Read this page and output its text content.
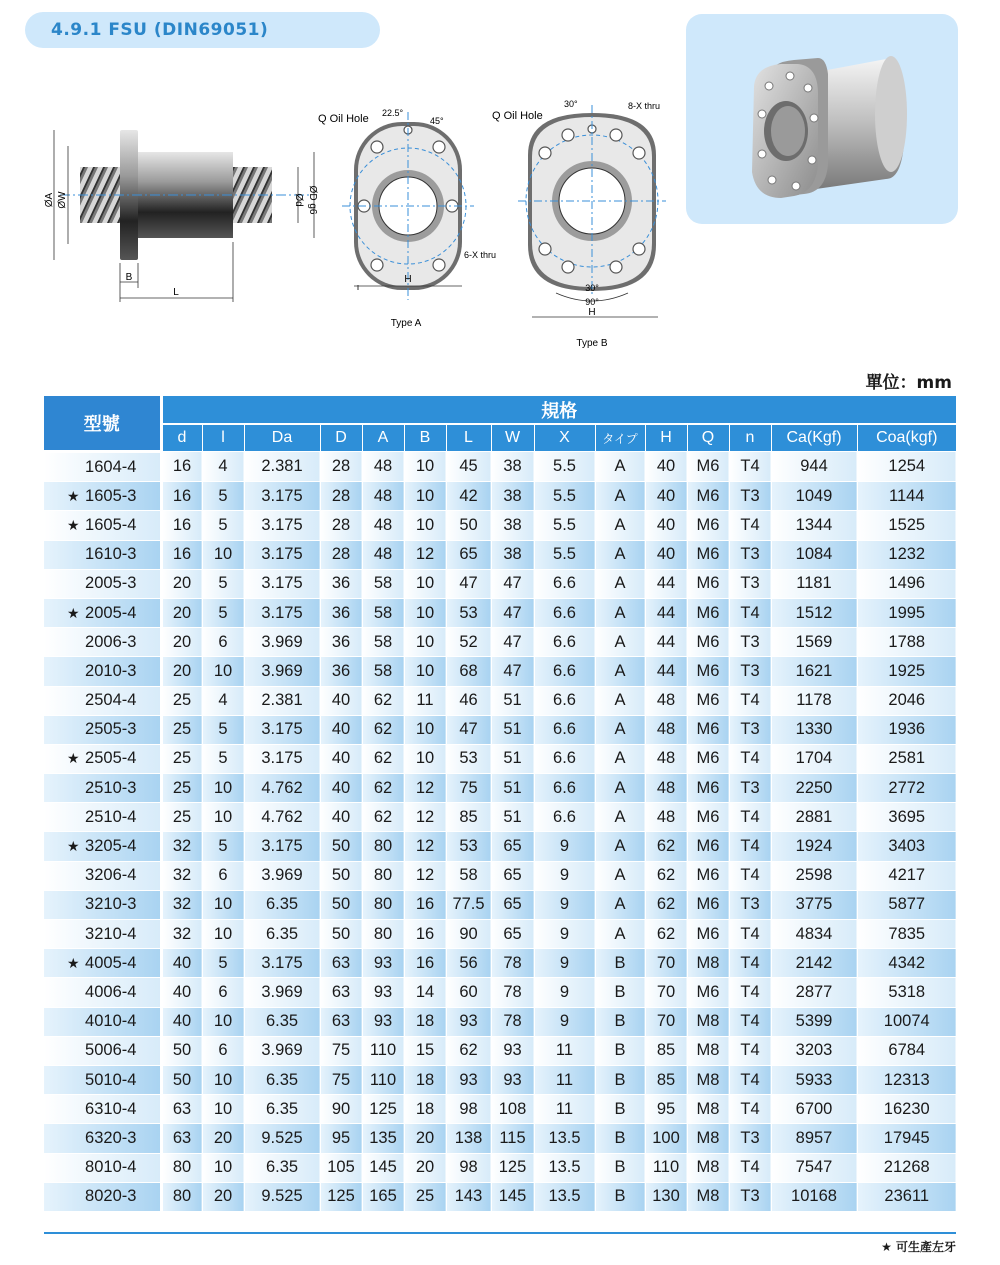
4.9.1 FSU (DIN69051)
ØA ØW	Ød ØD g6
B
L
Q Oil Hole 22.5°
45°
6-X thru
H
Type A
Q Oil Hole
30°	8-X thru
30°
90°
H
Type B
單位：mm
型號	規格														
	d	l	Da	D	A	B	L	W	X	タイプ	H	Q	n	Ca(Kgf)	Coa(kgf)
1604-4	16	4	2.381	28	48	10	45	38	5.5	A	40	M6	T4	944	1254
★ 1605-3	16	5	3.175	28	48	10	42	38	5.5	A	40	M6	T3	1049	1144
★ 1605-4	16	5	3.175	28	48	10	50	38	5.5	A	40	M6	T4	1344	1525
1610-3	16	10	3.175	28	48	12	65	38	5.5	A	40	M6	T3	1084	1232
2005-3	20	5	3.175	36	58	10	47	47	6.6	A	44	M6	T3	1181	1496
★ 2005-4	20	5	3.175	36	58	10	53	47	6.6	A	44	M6	T4	1512	1995
2006-3	20	6	3.969	36	58	10	52	47	6.6	A	44	M6	T3	1569	1788
2010-3	20	10	3.969	36	58	10	68	47	6.6	A	44	M6	T3	1621	1925
2504-4	25	4	2.381	40	62	11	46	51	6.6	A	48	M6	T4	1178	2046
2505-3	25	5	3.175	40	62	10	47	51	6.6	A	48	M6	T3	1330	1936
★ 2505-4	25	5	3.175	40	62	10	53	51	6.6	A	48	M6	T4	1704	2581
2510-3	25	10	4.762	40	62	12	75	51	6.6	A	48	M6	T3	2250	2772
2510-4	25	10	4.762	40	62	12	85	51	6.6	A	48	M6	T4	2881	3695
★ 3205-4	32	5	3.175	50	80	12	53	65	9	A	62	M6	T4	1924	3403
3206-4	32	6	3.969	50	80	12	58	65	9	A	62	M6	T4	2598	4217
3210-3	32	10	6.35	50	80	16	77.5	65	9	A	62	M6	T3	3775	5877
3210-4	32	10	6.35	50	80	16	90	65	9	A	62	M6	T4	4834	7835
★ 4005-4	40	5	3.175	63	93	16	56	78	9	B	70	M8	T4	2142	4342
4006-4	40	6	3.969	63	93	14	60	78	9	B	70	M6	T4	2877	5318
4010-4	40	10	6.35	63	93	18	93	78	9	B	70	M8	T4	5399	10074
5006-4	50	6	3.969	75	110	15	62	93	11	B	85	M8	T4	3203	6784
5010-4	50	10	6.35	75	110	18	93	93	11	B	85	M8	T4	5933	12313
6310-4	63	10	6.35	90	125	18	98	108	11	B	95	M8	T4	6700	16230
6320-3	63	20	9.525	95	135	20	138	115	13.5	B	100	M8	T3	8957	17945
8010-4	80	10	6.35	105	145	20	98	125	13.5	B	110	M8	T4	7547	21268
8020-3	80	20	9.525	125	165	25	143	145	13.5	B	130	M8	T3	10168	23611
★ 可生產左牙
